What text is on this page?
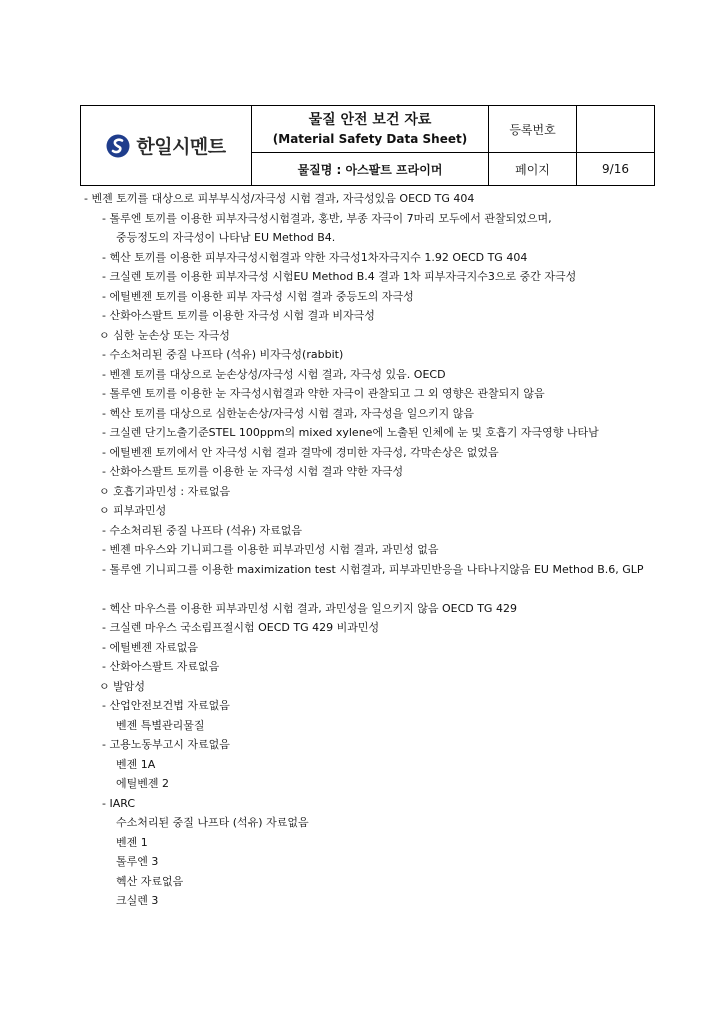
한일시멘트	물질 안전 보건 자료
(Material Safety Data Sheet)	등록번호	
	물질명 : 아스팔트 프라이머	페이지	9/16
- 벤젠 토끼를 대상으로 피부부식성/자극성 시험 결과, 자극성있음 OECD TG 404
- 톨루엔 토끼를 이용한 피부자극성시험결과, 홍반, 부종 자극이 7마리 모두에서 관찰되었으며,
중등정도의 자극성이 나타남 EU Method B4.
- 헥산 토끼를 이용한 피부자극성시험결과 약한 자극성1차자극지수 1.92 OECD TG 404
- 크실렌 토끼를 이용한 피부자극성 시험EU Method B.4 결과 1차 피부자극지수3으로 중간 자극성
- 에틸벤젠 토끼를 이용한 피부 자극성 시험 결과 중등도의 자극성
- 산화아스팔트 토끼를 이용한 자극성 시험 결과 비자극성
ㅇ 심한 눈손상 또는 자극성
- 수소처리된 중질 나프타 (석유) 비자극성(rabbit)
- 벤젠 토끼를 대상으로 눈손상성/자극성 시험 결과, 자극성 있음. OECD
- 톨루엔 토끼를 이용한 눈 자극성시험결과 약한 자극이 관찰되고 그 외 영향은 관찰되지 않음
- 헥산 토끼를 대상으로 심한눈손상/자극성 시험 결과, 자극성을 일으키지 않음
- 크실렌 단기노출기준STEL 100ppm의 mixed xylene에 노출된 인체에 눈 및 호흡기 자극영향 나타남
- 에틸벤젠 토끼에서 안 자극성 시험 결과 결막에 경미한 자극성, 각막손상은 없었음
- 산화아스팔트 토끼를 이용한 눈 자극성 시험 결과 약한 자극성
ㅇ 호흡기과민성 : 자료없음
ㅇ 피부과민성
- 수소처리된 중질 나프타 (석유) 자료없음
- 벤젠 마우스와 기니피그를 이용한 피부과민성 시험 결과, 과민성 없음
- 톨루엔 기니피그를 이용한 maximization test 시험결과, 피부과민반응을 나타나지않음 EU Method B.6, GLP
- 헥산 마우스를 이용한 피부과민성 시험 결과, 과민성을 일으키지 않음 OECD TG 429
- 크실렌 마우스 국소림프절시험 OECD TG 429 비과민성
- 에틸벤젠 자료없음
- 산화아스팔트 자료없음
ㅇ 발암성
- 산업안전보건법 자료없음
벤젠 특별관리물질
- 고용노동부고시 자료없음
벤젠 1A
에틸벤젠 2
- IARC
수소처리된 중질 나프타 (석유) 자료없음
벤젠 1
톨루엔 3
헥산 자료없음
크실렌 3
